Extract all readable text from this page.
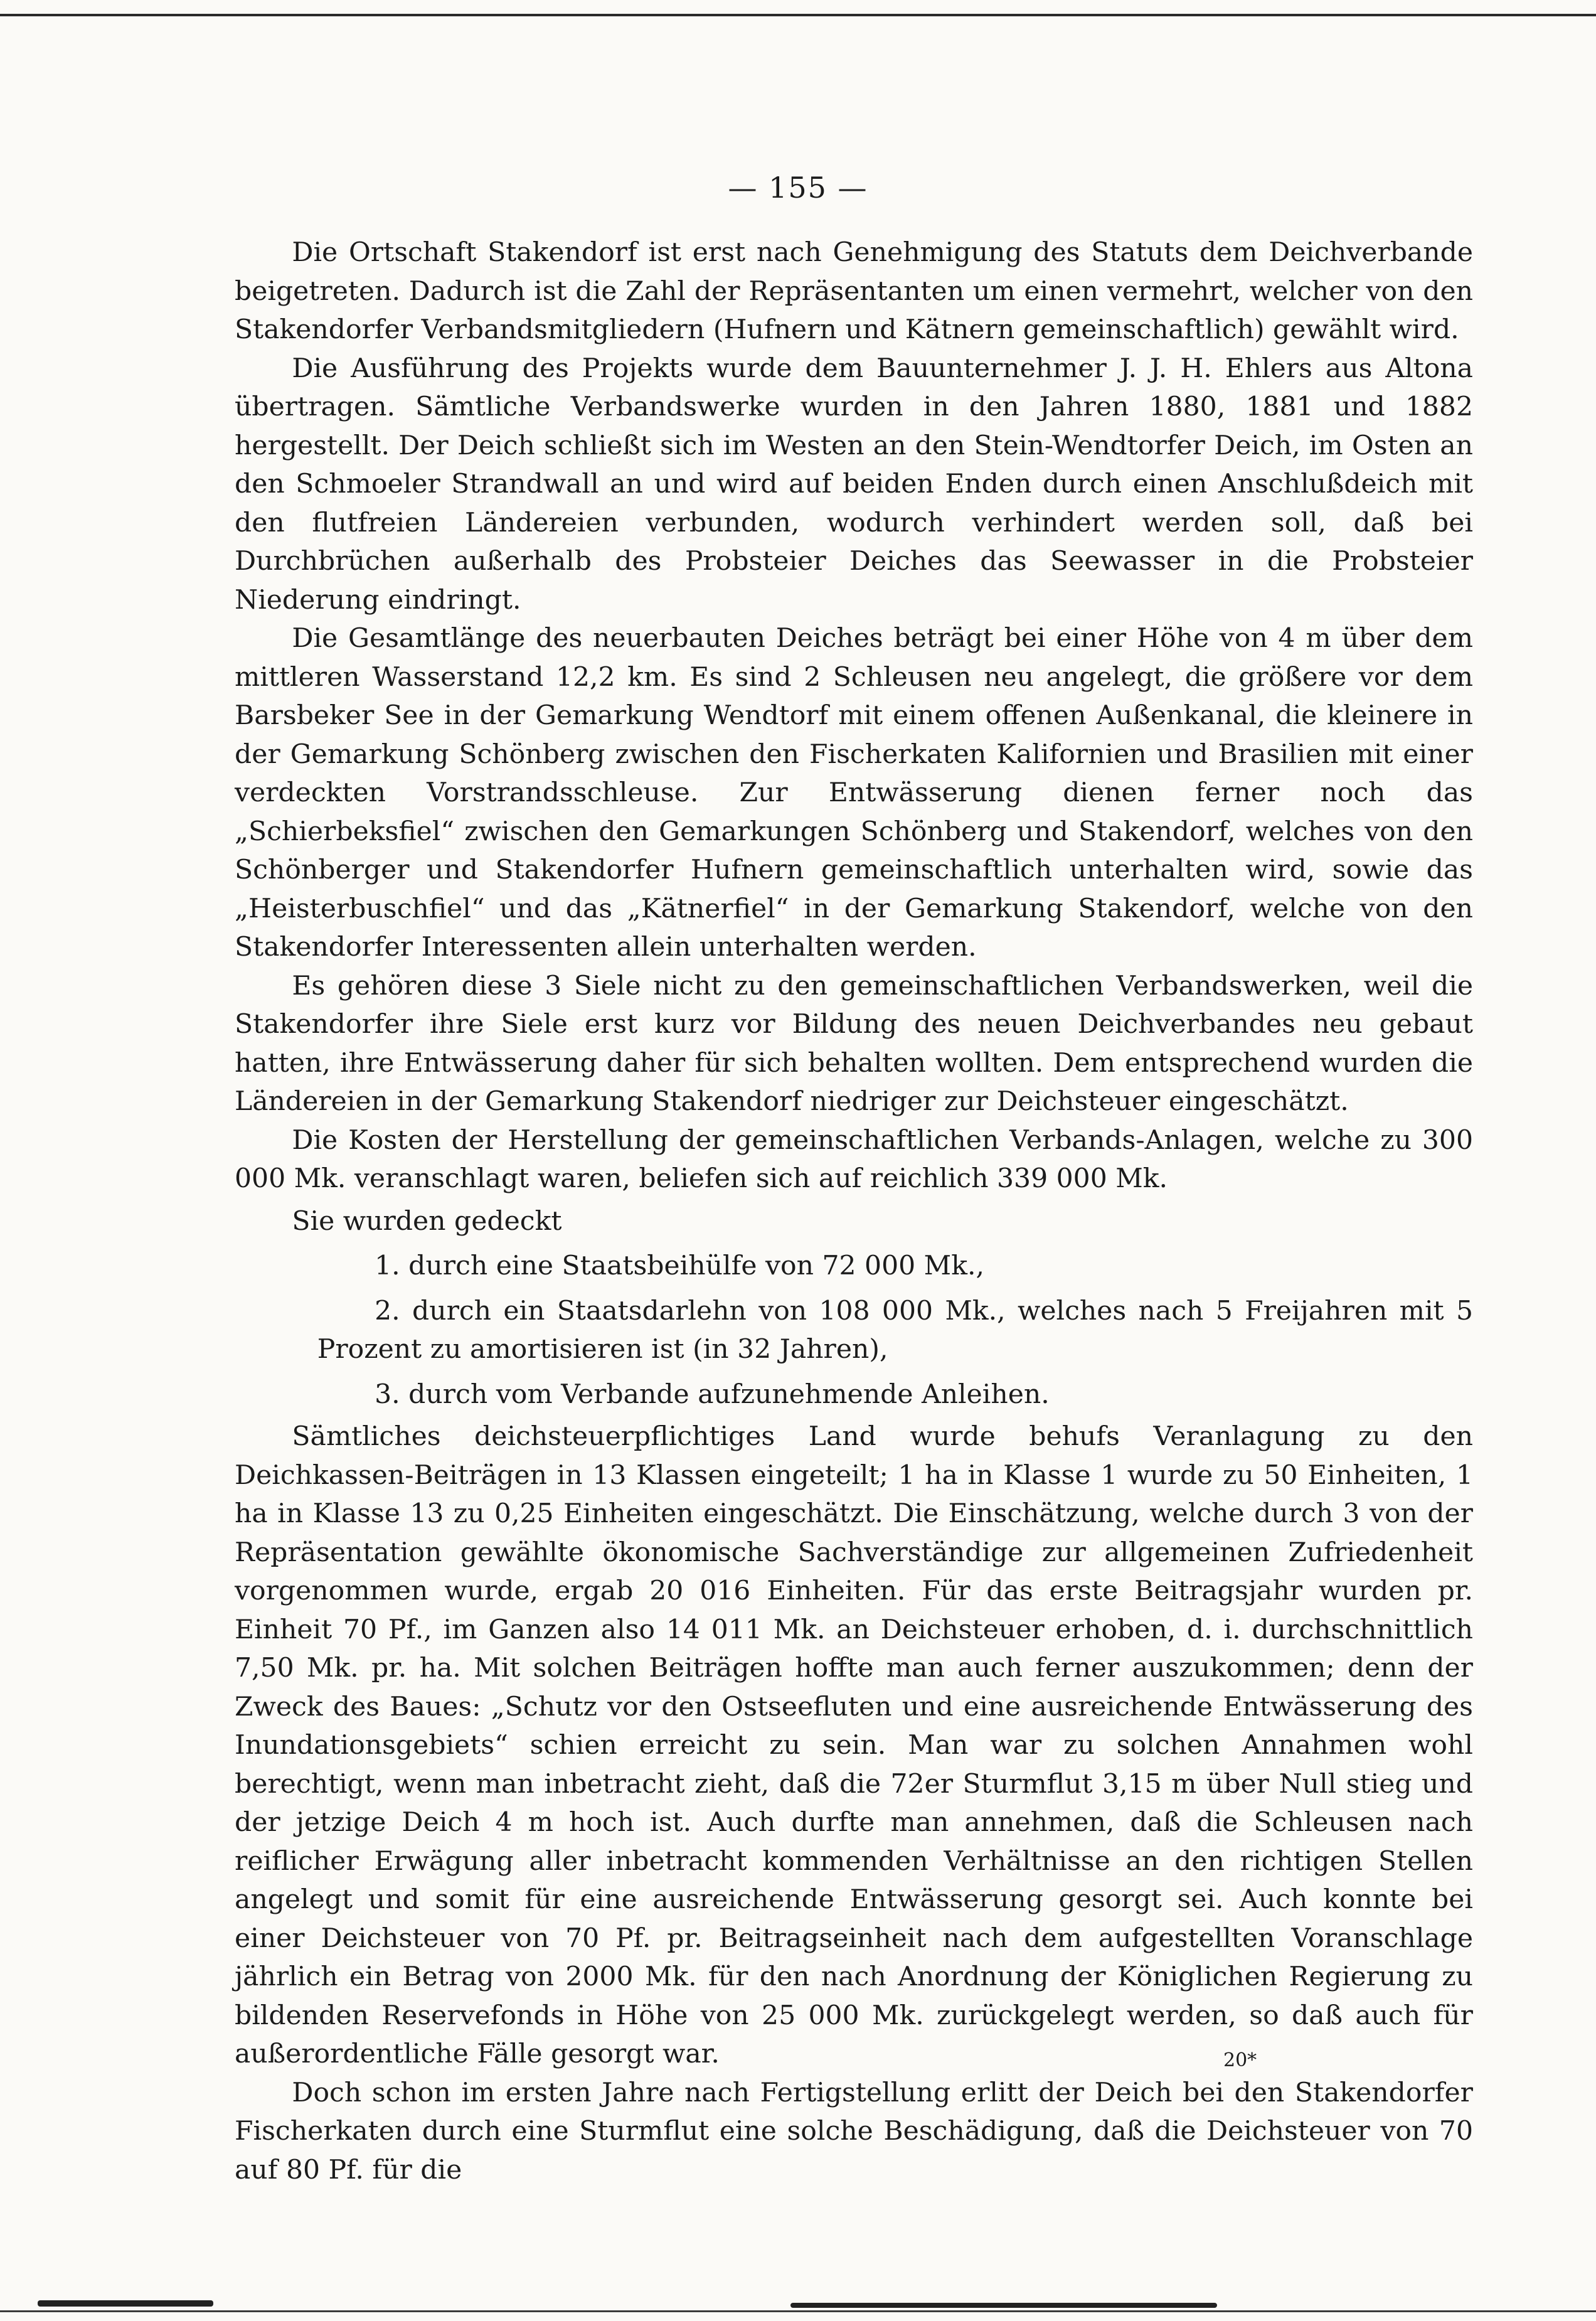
— 155 —

Die Ortschaft Stakendorf ist erst nach Genehmigung des Statuts dem Deichverbande beigetreten. Dadurch ist die Zahl der Repräsentanten um einen vermehrt, welcher von den Stakendorfer Verbandsmitgliedern (Hufnern und Kätnern gemeinschaftlich) gewählt wird.

Die Ausführung des Projekts wurde dem Bauunternehmer J. J. H. Ehlers aus Altona übertragen. Sämtliche Verbandswerke wurden in den Jahren 1880, 1881 und 1882 hergestellt. Der Deich schließt sich im Westen an den Stein-Wendtorfer Deich, im Osten an den Schmoeler Strandwall an und wird auf beiden Enden durch einen Anschlußdeich mit den flutfreien Ländereien verbunden, wodurch verhindert werden soll, daß bei Durchbrüchen außerhalb des Probsteier Deiches das Seewasser in die Probsteier Niederung eindringt.

Die Gesamtlänge des neuerbauten Deiches beträgt bei einer Höhe von 4 m über dem mittleren Wasserstand 12,2 km. Es sind 2 Schleusen neu angelegt, die größere vor dem Barsbeker See in der Gemarkung Wendtorf mit einem offenen Außenkanal, die kleinere in der Gemarkung Schönberg zwischen den Fischerkaten Kalifornien und Brasilien mit einer verdeckten Vorstrandsschleuse. Zur Entwässerung dienen ferner noch das „Schierbeksfiel“ zwischen den Gemarkungen Schönberg und Stakendorf, welches von den Schönberger und Stakendorfer Hufnern gemeinschaftlich unterhalten wird, sowie das „Heisterbuschfiel“ und das „Kätnerfiel“ in der Gemarkung Stakendorf, welche von den Stakendorfer Interessenten allein unterhalten werden.

Es gehören diese 3 Siele nicht zu den gemeinschaftlichen Verbandswerken, weil die Stakendorfer ihre Siele erst kurz vor Bildung des neuen Deichverbandes neu gebaut hatten, ihre Entwässerung daher für sich behalten wollten. Dem entsprechend wurden die Ländereien in der Gemarkung Stakendorf niedriger zur Deichsteuer eingeschätzt.

Die Kosten der Herstellung der gemeinschaftlichen Verbands-Anlagen, welche zu 300 000 Mk. veranschlagt waren, beliefen sich auf reichlich 339 000 Mk.

Sie wurden gedeckt

1. durch eine Staatsbeihülfe von 72 000 Mk.,

2. durch ein Staatsdarlehn von 108 000 Mk., welches nach 5 Freijahren mit 5 Prozent zu amortisieren ist (in 32 Jahren),

3. durch vom Verbande aufzunehmende Anleihen.

Sämtliches deichsteuerpflichtiges Land wurde behufs Veranlagung zu den Deichkassen-Beiträgen in 13 Klassen eingeteilt; 1 ha in Klasse 1 wurde zu 50 Einheiten, 1 ha in Klasse 13 zu 0,25 Einheiten eingeschätzt. Die Einschätzung, welche durch 3 von der Repräsentation gewählte ökonomische Sachverständige zur allgemeinen Zufriedenheit vorgenommen wurde, ergab 20 016 Einheiten. Für das erste Beitragsjahr wurden pr. Einheit 70 Pf., im Ganzen also 14 011 Mk. an Deichsteuer erhoben, d. i. durchschnittlich 7,50 Mk. pr. ha. Mit solchen Beiträgen hoffte man auch ferner auszukommen; denn der Zweck des Baues: „Schutz vor den Ostseefluten und eine ausreichende Entwässerung des Inundationsgebiets“ schien erreicht zu sein. Man war zu solchen Annahmen wohl berechtigt, wenn man inbetracht zieht, daß die 72er Sturmflut 3,15 m über Null stieg und der jetzige Deich 4 m hoch ist. Auch durfte man annehmen, daß die Schleusen nach reiflicher Erwägung aller inbetracht kommenden Verhältnisse an den richtigen Stellen angelegt und somit für eine ausreichende Entwässerung gesorgt sei. Auch konnte bei einer Deichsteuer von 70 Pf. pr. Beitragseinheit nach dem aufgestellten Voranschlage jährlich ein Betrag von 2000 Mk. für den nach Anordnung der Königlichen Regierung zu bildenden Reservefonds in Höhe von 25 000 Mk. zurückgelegt werden, so daß auch für außerordentliche Fälle gesorgt war.

Doch schon im ersten Jahre nach Fertigstellung erlitt der Deich bei den Stakendorfer Fischerkaten durch eine Sturmflut eine solche Beschädigung, daß die Deichsteuer von 70 auf 80 Pf. für die

20*
